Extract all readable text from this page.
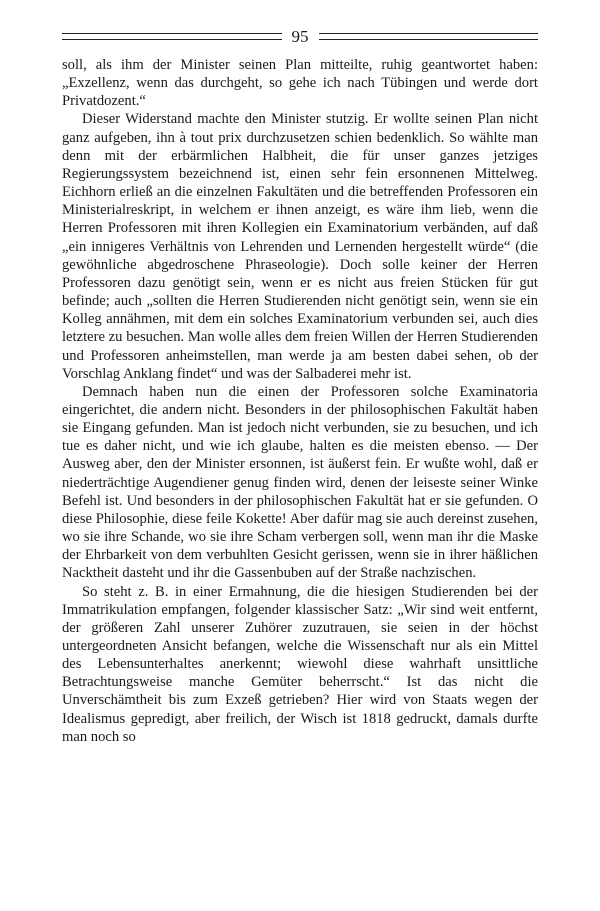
95

soll, als ihm der Minister seinen Plan mitteilte, ruhig geantwortet haben: „Exzellenz, wenn das durchgeht, so gehe ich nach Tübingen und werde dort Privatdozent.“

Dieser Widerstand machte den Minister stutzig. Er wollte seinen Plan nicht ganz aufgeben, ihn à tout prix durchzusetzen schien bedenklich. So wählte man denn mit der erbärmlichen Halbheit, die für unser ganzes jetziges Regierungssystem bezeichnend ist, einen sehr fein ersonnenen Mittelweg. Eichhorn erließ an die einzelnen Fakultäten und die betreffenden Professoren ein Ministerialreskript, in welchem er ihnen anzeigt, es wäre ihm lieb, wenn die Herren Professoren mit ihren Kollegien ein Examinatorium verbänden, auf daß „ein innigeres Verhältnis von Lehrenden und Lernenden hergestellt würde“ (die gewöhnliche abgedroschene Phraseologie). Doch solle keiner der Herren Professoren dazu genötigt sein, wenn er es nicht aus freien Stücken für gut befinde; auch „sollten die Herren Studierenden nicht genötigt sein, wenn sie ein Kolleg annähmen, mit dem ein solches Examinatorium verbunden sei, auch dies letztere zu besuchen. Man wolle alles dem freien Willen der Herren Studierenden und Professoren anheimstellen, man werde ja am besten dabei sehen, ob der Vorschlag Anklang findet“ und was der Salbaderei mehr ist.

Demnach haben nun die einen der Professoren solche Examinatoria eingerichtet, die andern nicht. Besonders in der philosophischen Fakultät haben sie Eingang gefunden. Man ist jedoch nicht verbunden, sie zu besuchen, und ich tue es daher nicht, und wie ich glaube, halten es die meisten ebenso. — Der Ausweg aber, den der Minister ersonnen, ist äußerst fein. Er wußte wohl, daß er niederträchtige Augendiener genug finden wird, denen der leiseste seiner Winke Befehl ist. Und besonders in der philosophischen Fakultät hat er sie gefunden. O diese Philosophie, diese feile Kokette! Aber dafür mag sie auch dereinst zusehen, wo sie ihre Schande, wo sie ihre Scham verbergen soll, wenn man ihr die Maske der Ehrbarkeit von dem verbuhlten Gesicht gerissen, wenn sie in ihrer häßlichen Nacktheit dasteht und ihr die Gassenbuben auf der Straße nachzischen.

So steht z. B. in einer Ermahnung, die die hiesigen Studierenden bei der Immatrikulation empfangen, folgender klassischer Satz: „Wir sind weit entfernt, der größeren Zahl unserer Zuhörer zuzutrauen, sie seien in der höchst untergeordneten Ansicht befangen, welche die Wissenschaft nur als ein Mittel des Lebensunterhaltes anerkennt; wiewohl diese wahrhaft unsittliche Betrachtungsweise manche Gemüter beherrscht.“ Ist das nicht die Unverschämtheit bis zum Exzeß getrieben? Hier wird von Staats wegen der Idealismus gepredigt, aber freilich, der Wisch ist 1818 gedruckt, damals durfte man noch so
